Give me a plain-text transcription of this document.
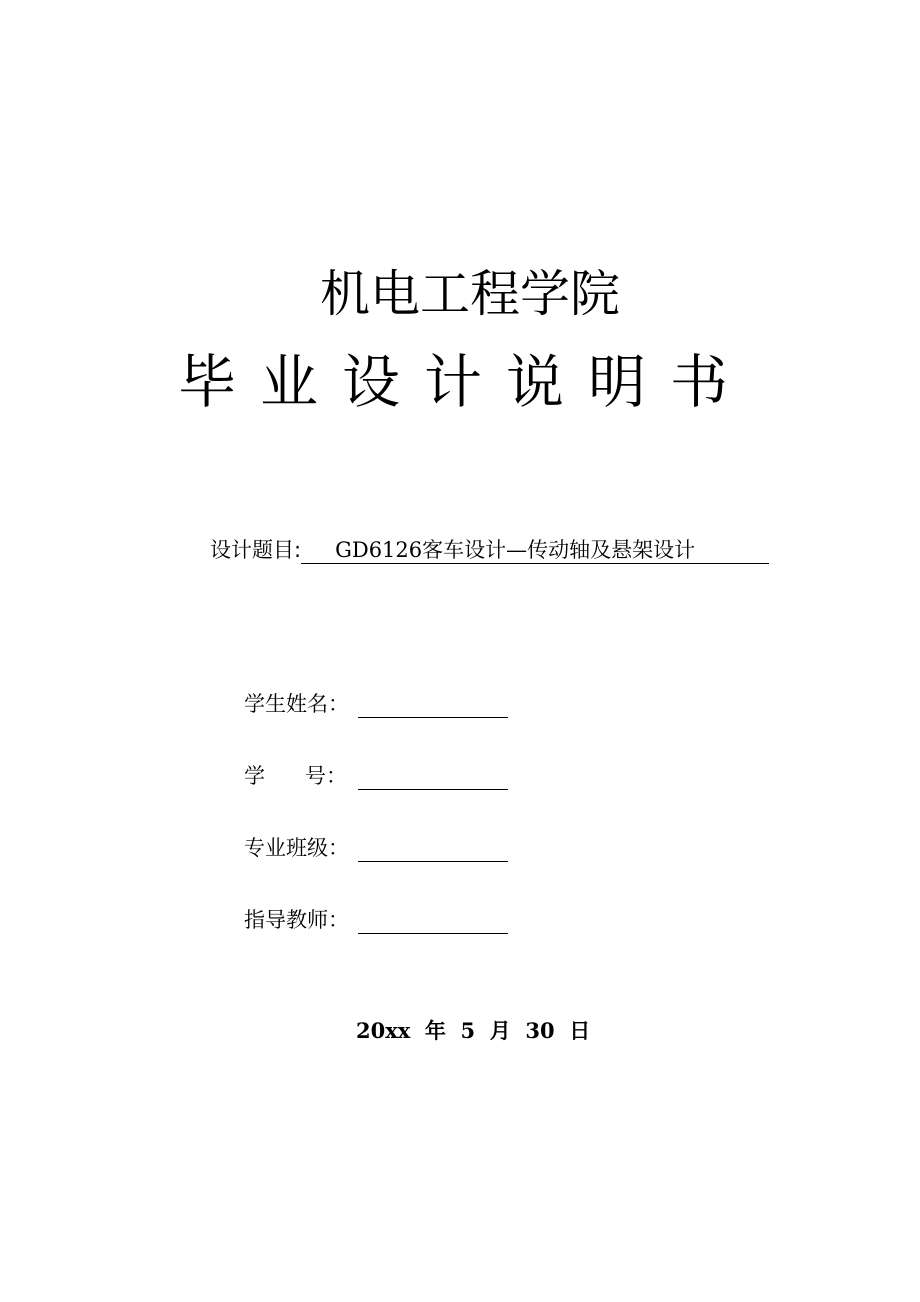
机电工程学院
毕业设计说明书
设计题目:	GD6126客车设计—传动轴及悬架设计
学生姓名：
学      号：
专业班级：
指导教师：
20xx  年  5  月  30  日
